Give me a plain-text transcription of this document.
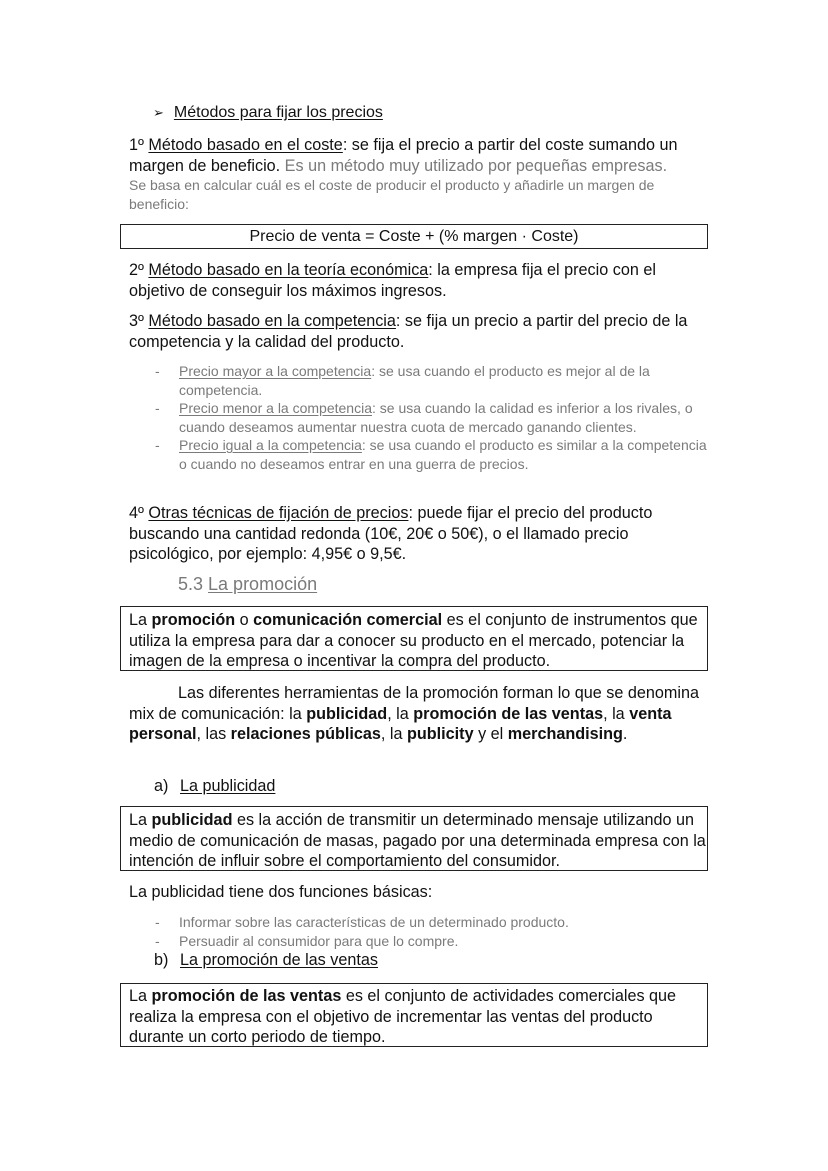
➢ Métodos para fijar los precios
1º Método basado en el coste: se fija el precio a partir del coste sumando un margen de beneficio. Es un método muy utilizado por pequeñas empresas.
Se basa en calcular cuál es el coste de producir el producto y añadirle un margen de beneficio:
Precio de venta = Coste + (% margen · Coste)
2º Método basado en la teoría económica: la empresa fija el precio con el objetivo de conseguir los máximos ingresos.
3º Método basado en la competencia: se fija un precio a partir del precio de la competencia y la calidad del producto.
- Precio mayor a la competencia: se usa cuando el producto es mejor al de la competencia.
- Precio menor a la competencia: se usa cuando la calidad es inferior a los rivales, o cuando deseamos aumentar nuestra cuota de mercado ganando clientes.
- Precio igual a la competencia: se usa cuando el producto es similar a la competencia o cuando no deseamos entrar en una guerra de precios.
4º Otras técnicas de fijación de precios: puede fijar el precio del producto buscando una cantidad redonda (10€, 20€ o 50€), o el llamado precio psicológico, por ejemplo: 4,95€ o 9,5€.
5.3 La promoción
La promoción o comunicación comercial es el conjunto de instrumentos que utiliza la empresa para dar a conocer su producto en el mercado, potenciar la imagen de la empresa o incentivar la compra del producto.
Las diferentes herramientas de la promoción forman lo que se denomina mix de comunicación: la publicidad, la promoción de las ventas, la venta personal, las relaciones públicas, la publicity y el merchandising.
a) La publicidad
La publicidad es la acción de transmitir un determinado mensaje utilizando un medio de comunicación de masas, pagado por una determinada empresa con la intención de influir sobre el comportamiento del consumidor.
La publicidad tiene dos funciones básicas:
- Informar sobre las características de un determinado producto.
- Persuadir al consumidor para que lo compre.
b) La promoción de las ventas
La promoción de las ventas es el conjunto de actividades comerciales que realiza la empresa con el objetivo de incrementar las ventas del producto durante un corto periodo de tiempo.
